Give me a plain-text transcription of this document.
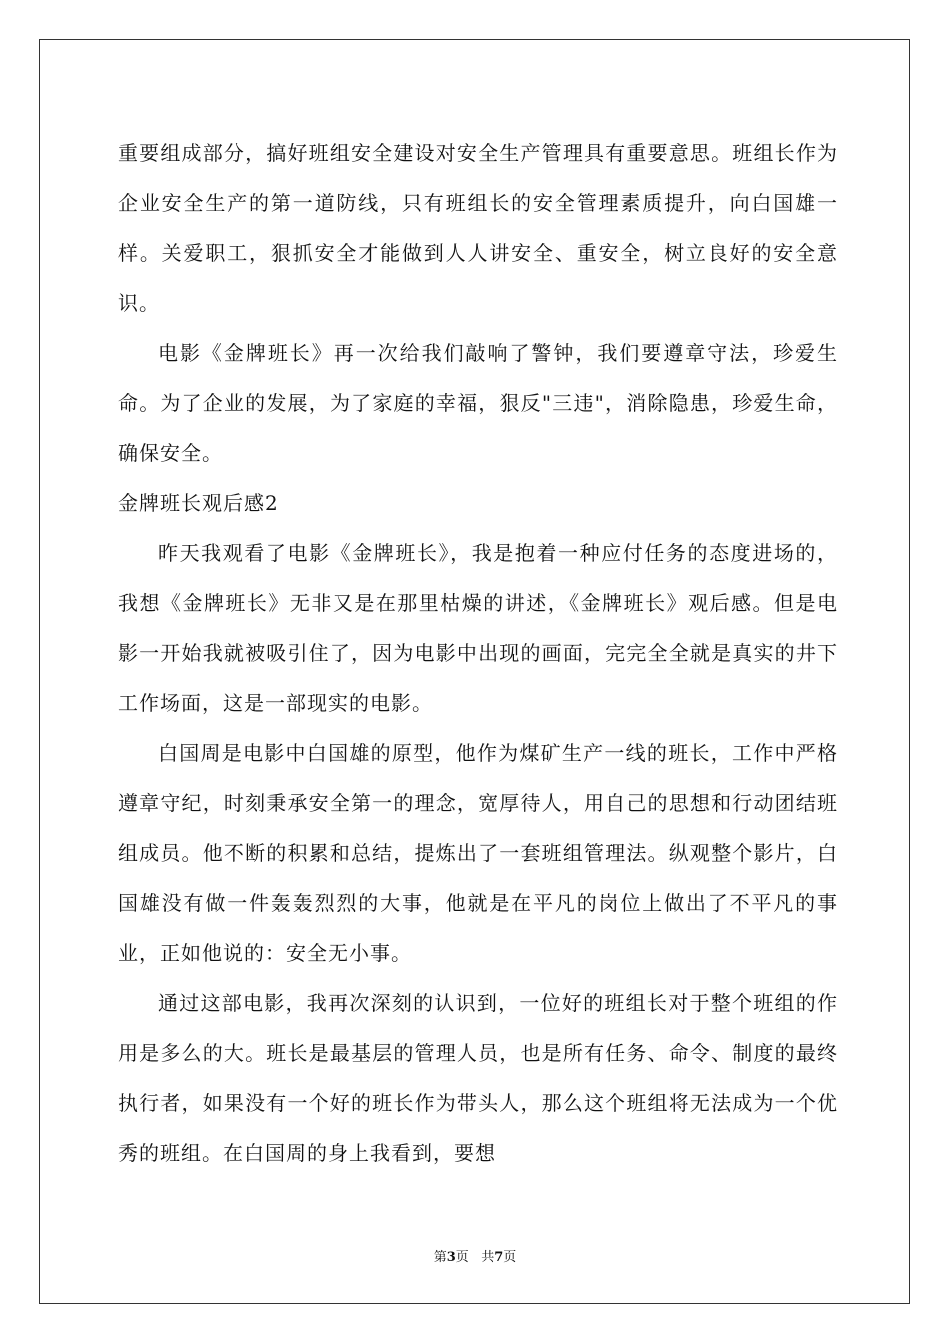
重要组成部分，搞好班组安全建设对安全生产管理具有重要意思。班组长作为企业安全生产的第一道防线，只有班组长的安全管理素质提升，向白国雄一样。关爱职工，狠抓安全才能做到人人讲安全、重安全，树立良好的安全意识。

电影《金牌班长》再一次给我们敲响了警钟，我们要遵章守法，珍爱生命。为了企业的发展，为了家庭的幸福，狠反"三违"，消除隐患，珍爱生命，确保安全。

金牌班长观后感2

昨天我观看了电影《金牌班长》，我是抱着一种应付任务的态度进场的，我想《金牌班长》无非又是在那里枯燥的讲述，《金牌班长》观后感。但是电影一开始我就被吸引住了，因为电影中出现的画面，完完全全就是真实的井下工作场面，这是一部现实的电影。

白国周是电影中白国雄的原型，他作为煤矿生产一线的班长，工作中严格遵章守纪，时刻秉承安全第一的理念，宽厚待人，用自己的思想和行动团结班组成员。他不断的积累和总结，提炼出了一套班组管理法。纵观整个影片，白国雄没有做一件轰轰烈烈的大事，他就是在平凡的岗位上做出了不平凡的事业，正如他说的：安全无小事。

通过这部电影，我再次深刻的认识到，一位好的班组长对于整个班组的作用是多么的大。班长是最基层的管理人员，也是所有任务、命令、制度的最终执行者，如果没有一个好的班长作为带头人，那么这个班组将无法成为一个优秀的班组。在白国周的身上我看到，要想

第3页 共7页
